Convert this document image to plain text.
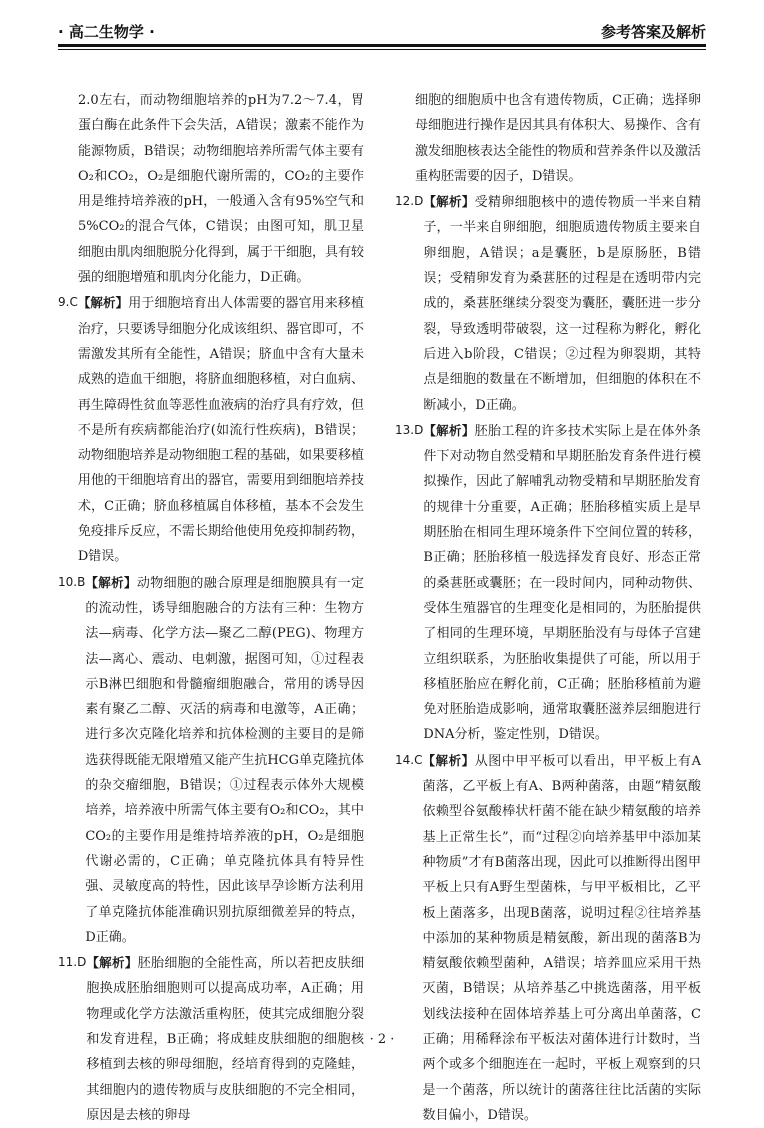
· 高二生物学 ·	参考答案及解析

2.0左右，而动物细胞培养的pH为7.2～7.4，胃蛋白酶在此条件下会失活，A错误；激素不能作为能源物质，B错误；动物细胞培养所需气体主要有O₂和CO₂，O₂是细胞代谢所需的，CO₂的主要作用是维持培养液的pH，一般通入含有95%空气和5%CO₂的混合气体，C错误；由图可知，肌卫星细胞由肌肉细胞脱分化得到，属于干细胞，具有较强的细胞增殖和肌肉分化能力，D正确。

9.C 【解析】用于细胞培育出人体需要的器官用来移植治疗，只要诱导细胞分化成该组织、器官即可，不需激发其所有全能性，A错误；脐血中含有大量未成熟的造血干细胞，将脐血细胞移植，对白血病、再生障碍性贫血等恶性血液病的治疗具有疗效，但不是所有疾病都能治疗(如流行性疾病)，B错误；动物细胞培养是动物细胞工程的基础，如果要移植用他的干细胞培育出的器官，需要用到细胞培养技术，C正确；脐血移植属自体移植，基本不会发生免疫排斥反应，不需长期给他使用免疫抑制药物，D错误。
10.B 【解析】动物细胞的融合原理是细胞膜具有一定的流动性，诱导细胞融合的方法有三种：生物方法—病毒、化学方法—聚乙二醇(PEG)、物理方法—离心、震动、电刺激，据图可知，①过程表示B淋巴细胞和骨髓瘤细胞融合，常用的诱导因素有聚乙二醇、灭活的病毒和电激等，A正确；进行多次克隆化培养和抗体检测的主要目的是筛选获得既能无限增殖又能产生抗HCG单克隆抗体的杂交瘤细胞，B错误；①过程表示体外大规模培养，培养液中所需气体主要有O₂和CO₂，其中CO₂的主要作用是维持培养液的pH，O₂是细胞代谢必需的，C正确；单克隆抗体具有特异性强、灵敏度高的特性，因此该早孕诊断方法利用了单克隆抗体能准确识别抗原细微差异的特点，D正确。
11.D 【解析】胚胎细胞的全能性高，所以若把皮肤细胞换成胚胎细胞则可以提高成功率，A正确；用物理或化学方法激活重构胚，使其完成细胞分裂和发育进程，B正确；将成蛙皮肤细胞的细胞核移植到去核的卵母细胞，经培育得到的克隆蛙，其细胞内的遗传物质与皮肤细胞的不完全相同，原因是去核的卵母

细胞的细胞质中也含有遗传物质，C正确；选择卵母细胞进行操作是因其具有体积大、易操作、含有激发细胞核表达全能性的物质和营养条件以及激活重构胚需要的因子，D错误。

12.D 【解析】受精卵细胞核中的遗传物质一半来自精子，一半来自卵细胞，细胞质遗传物质主要来自卵细胞，A错误；a是囊胚，b是原肠胚，B错误；受精卵发育为桑葚胚的过程是在透明带内完成的，桑葚胚继续分裂变为囊胚，囊胚进一步分裂，导致透明带破裂，这一过程称为孵化，孵化后进入b阶段，C错误；②过程为卵裂期，其特点是细胞的数量在不断增加，但细胞的体积在不断减小，D正确。
13.D 【解析】胚胎工程的许多技术实际上是在体外条件下对动物自然受精和早期胚胎发育条件进行模拟操作，因此了解哺乳动物受精和早期胚胎发育的规律十分重要，A正确；胚胎移植实质上是早期胚胎在相同生理环境条件下空间位置的转移，B正确；胚胎移植一般选择发育良好、形态正常的桑葚胚或囊胚；在一段时间内，同种动物供、受体生殖器官的生理变化是相同的，为胚胎提供了相同的生理环境，早期胚胎没有与母体子宫建立组织联系，为胚胎收集提供了可能，所以用于移植胚胎应在孵化前，C正确；胚胎移植前为避免对胚胎造成影响，通常取囊胚滋养层细胞进行DNA分析，鉴定性别，D错误。
14.C 【解析】从图中甲平板可以看出，甲平板上有A菌落，乙平板上有A、B两种菌落，由题“精氨酸依赖型谷氨酸棒状杆菌不能在缺少精氨酸的培养基上正常生长”，而“过程②向培养基甲中添加某种物质”才有B菌落出现，因此可以推断得出图甲平板上只有A野生型菌株，与甲平板相比，乙平板上菌落多，出现B菌落，说明过程②往培养基中添加的某种物质是精氨酸，新出现的菌落B为精氨酸依赖型菌种，A错误；培养皿应采用干热灭菌，B错误；从培养基乙中挑选菌落，用平板划线法接种在固体培养基上可分离出单菌落，C正确；用稀释涂布平板法对菌体进行计数时，当两个或多个细胞连在一起时，平板上观察到的只是一个菌落，所以统计的菌落往往比活菌的实际数目偏小，D错误。
· 2 ·
